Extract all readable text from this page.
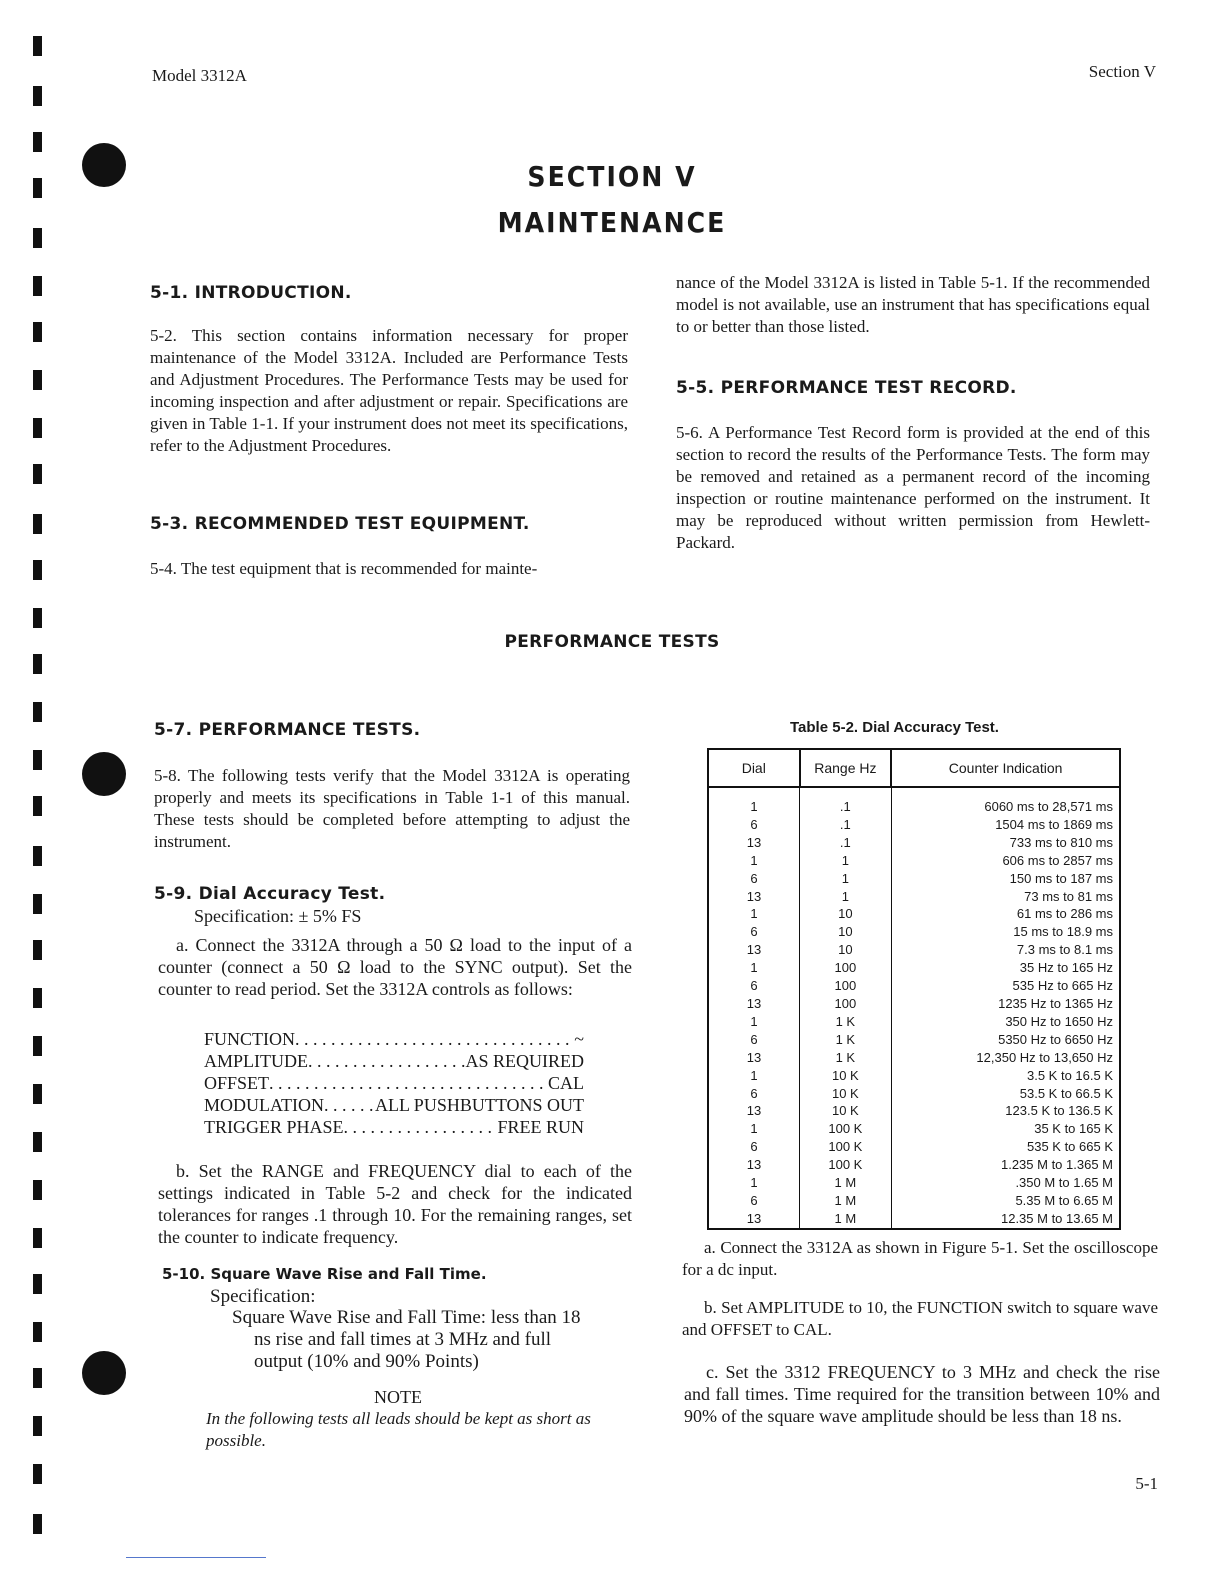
Model 3312A	Section V
SECTION V
MAINTENANCE
5-1. INTRODUCTION.

5-2. This section contains information necessary for proper maintenance of the Model 3312A. Included are Performance Tests and Adjustment Procedures. The Performance Tests may be used for incoming inspection and after adjustment or repair. Specifications are given in Table 1-1. If your instrument does not meet its specifications, refer to the Adjustment Procedures.

5-3. RECOMMENDED TEST EQUIPMENT.

5-4. The test equipment that is recommended for mainte-

nance of the Model 3312A is listed in Table 5-1. If the recommended model is not available, use an instrument that has specifications equal to or better than those listed.

5-5. PERFORMANCE TEST RECORD.

5-6. A Performance Test Record form is provided at the end of this section to record the results of the Performance Tests. The form may be removed and retained as a permanent record of the incoming inspection or routine maintenance performed on the instrument. It may be reproduced without written permission from Hewlett-Packard.

PERFORMANCE TESTS
5-7. PERFORMANCE TESTS.

5-8. The following tests verify that the Model 3312A is operating properly and meets its specifications in Table 1-1 of this manual. These tests should be completed before attempting to adjust the instrument.

5-9. Dial Accuracy Test.
Specification: ± 5% FS

a. Connect the 3312A through a 50 Ω load to the input of a counter (connect a 50 Ω load to the SYNC output). Set the counter to read period. Set the 3312A controls as follows:

FUNCTION . . .	~
AMPLITUDE . . .	AS REQUIRED
OFFSET . . .	CAL
MODULATION . . .	ALL PUSHBUTTONS OUT
TRIGGER PHASE . . .	FREE RUN

b. Set the RANGE and FREQUENCY dial to each of the settings indicated in Table 5-2 and check for the indicated tolerances for ranges .1 through 10. For the remaining ranges, set the counter to indicate frequency.

5-10. Square Wave Rise and Fall Time.
Specification:
Square Wave Rise and Fall Time: less than 18
ns rise and fall times at 3 MHz and full
output (10% and 90% Points)
NOTE
In the following tests all leads should be kept as short as possible.
Table 5-2. Dial Accuracy Test.
Dial	Range Hz	Counter Indication
1	.1	6060 ms to 28,571 ms
6	.1	1504 ms to 1869 ms
13	.1	733 ms to 810 ms
1	1	606 ms to 2857 ms
6	1	150 ms to 187 ms
13	1	73 ms to 81 ms
1	10	61 ms to 286 ms
6	10	15 ms to 18.9 ms
13	10	7.3 ms to 8.1 ms
1	100	35 Hz to 165 Hz
6	100	535 Hz to 665 Hz
13	100	1235 Hz to 1365 Hz
1	1 K	350 Hz to 1650 Hz
6	1 K	5350 Hz to 6650 Hz
13	1 K	12,350 Hz to 13,650 Hz
1	10 K	3.5 K to 16.5 K
6	10 K	53.5 K to 66.5 K
13	10 K	123.5 K to 136.5 K
1	100 K	35 K to 165 K
6	100 K	535 K to 665 K
13	100 K	1.235 M to 1.365 M
1	1 M	.350 M to 1.65 M
6	1 M	5.35 M to 6.65 M
13	1 M	12.35 M to 13.65 M

a. Connect the 3312A as shown in Figure 5-1. Set the oscilloscope for a dc input.

b. Set AMPLITUDE to 10, the FUNCTION switch to square wave and OFFSET to CAL.

c. Set the 3312 FREQUENCY to 3 MHz and check the rise and fall times. Time required for the transition between 10% and 90% of the square wave amplitude should be less than 18 ns.

5-1
